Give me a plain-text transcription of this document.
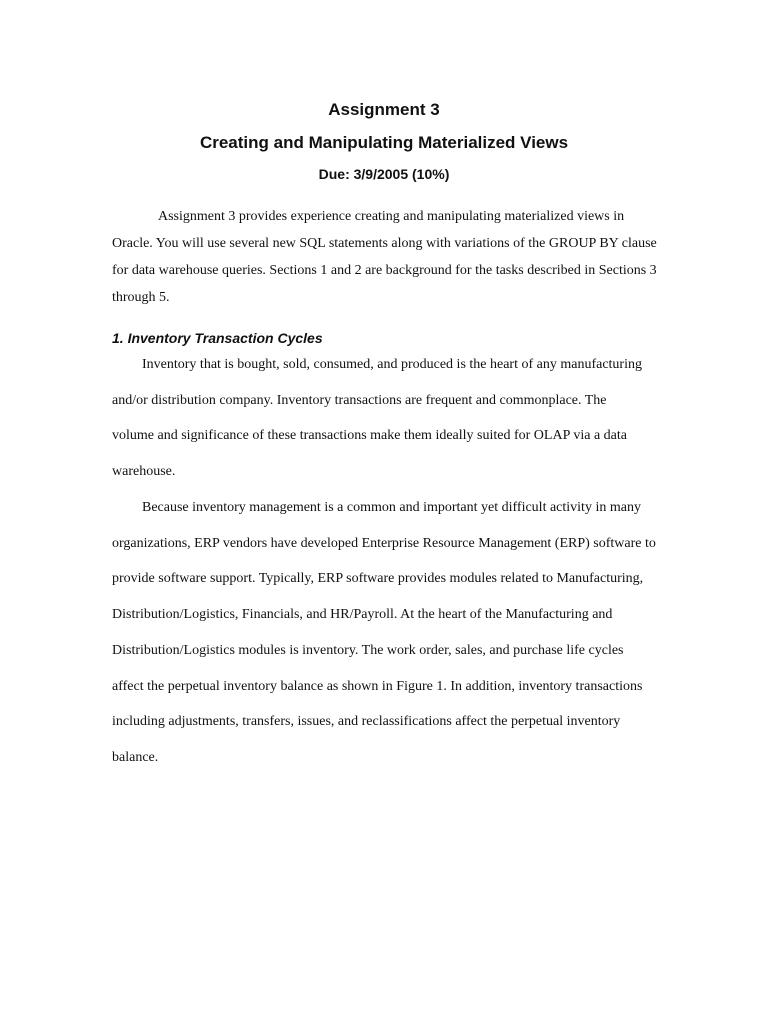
Assignment 3
Creating and Manipulating Materialized Views
Due: 3/9/2005 (10%)
Assignment 3 provides experience creating and manipulating materialized views in
Oracle. You will use several new SQL statements along with variations of the GROUP BY clause
for data warehouse queries. Sections 1 and 2 are background for the tasks described in Sections 3
through 5.
1. Inventory Transaction Cycles
Inventory that is bought, sold, consumed, and produced is the heart of any manufacturing
and/or distribution company. Inventory transactions are frequent and commonplace. The
volume and significance of these transactions make them ideally suited for OLAP via a data
warehouse.
Because inventory management is a common and important yet difficult activity in many
organizations, ERP vendors have developed Enterprise Resource Management (ERP) software to
provide software support. Typically, ERP software provides modules related to Manufacturing,
Distribution/Logistics, Financials, and HR/Payroll. At the heart of the Manufacturing and
Distribution/Logistics modules is inventory. The work order, sales, and purchase life cycles
affect the perpetual inventory balance as shown in Figure 1. In addition, inventory transactions
including adjustments, transfers, issues, and reclassifications affect the perpetual inventory
balance.
